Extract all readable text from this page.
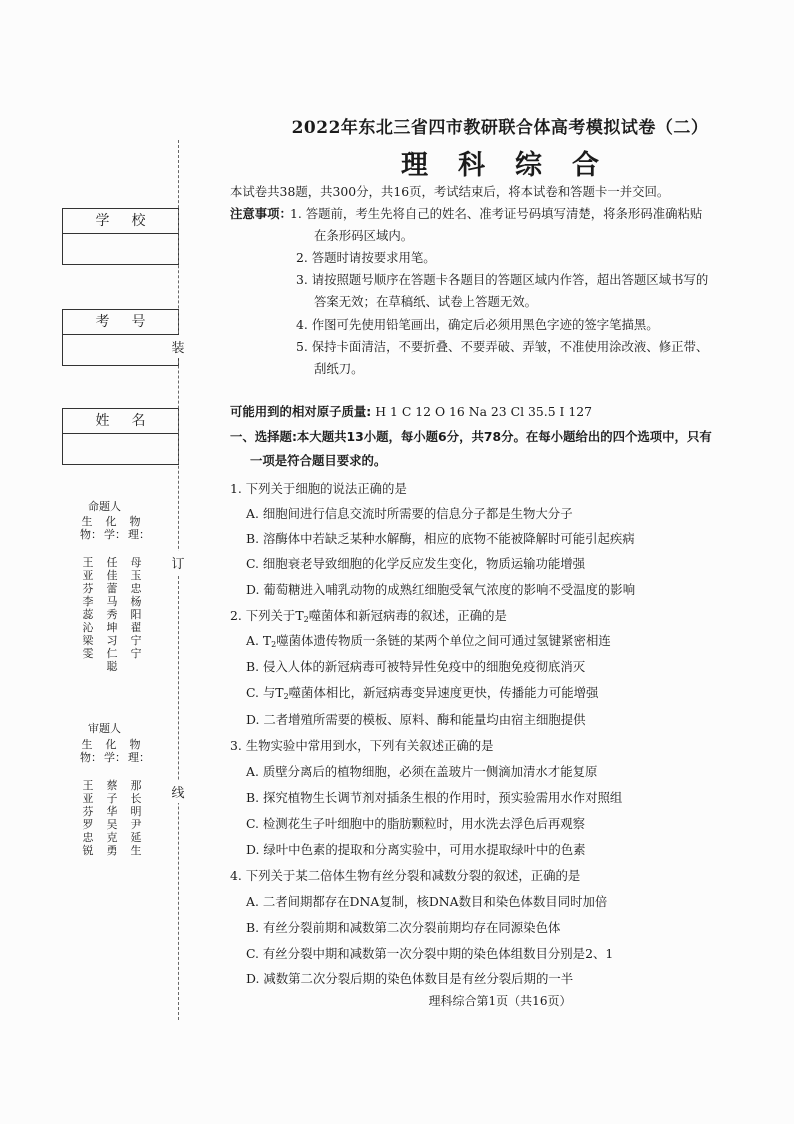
2022年东北三省四市教研联合体高考模拟试卷（二）
理科综合
本试卷共38题，共300分，共16页，考试结束后，将本试卷和答题卡一并交回。
注意事项：
1. 答题前，考生先将自己的姓名、准考证号码填写清楚，将条形码准确粘贴
在条形码区域内。
2. 答题时请按要求用笔。
3. 请按照题号顺序在答题卡各题目的答题区域内作答，超出答题区域书写的
答案无效；在草稿纸、试卷上答题无效。
4. 作图可先使用铅笔画出，确定后必须用黑色字迹的签字笔描黑。
5. 保持卡面清洁，不要折叠、不要弄破、弄皱，不准使用涂改液、修正带、
刮纸刀。
可能用到的相对原子质量: H 1 C 12 O 16 Na 23 Cl 35.5 I 127
一、选择题:本大题共13小题，每小题6分，共78分。在每小题给出的四个选项中，只有
一项是符合题目要求的。
1. 下列关于细胞的说法正确的是
A. 细胞间进行信息交流时所需要的信息分子都是生物大分子
B. 溶酶体中若缺乏某种水解酶，相应的底物不能被降解时可能引起疾病
C. 细胞衰老导致细胞的化学反应发生变化，物质运输功能增强
D. 葡萄糖进入哺乳动物的成熟红细胞受氧气浓度的影响不受温度的影响
2. 下列关于$T_2$噬菌体和新冠病毒的叙述，正确的是
A. $T_2$噬菌体遗传物质一条链的某两个单位之间可通过氢键紧密相连
B. 侵入人体的新冠病毒可被特异性免疫中的细胞免疫彻底消灭
C. 与$T_2$噬菌体相比，新冠病毒变异速度更快，传播能力可能增强
D. 二者增殖所需要的模板、原料、酶和能量均由宿主细胞提供
3. 生物实验中常用到水，下列有关叙述正确的是
A. 质壁分离后的植物细胞，必须在盖玻片一侧滴加清水才能复原
B. 探究植物生长调节剂对插条生根的作用时，预实验需用水作对照组
C. 检测花生子叶细胞中的脂肪颗粒时，用水洗去浮色后再观察
D. 绿叶中色素的提取和分离实验中，可用水提取绿叶中的色素
4. 下列关于某二倍体生物有丝分裂和减数分裂的叙述，正确的是
A. 二者间期都存在DNA复制，核DNA数目和染色体数目同时加倍
B. 有丝分裂前期和减数第二次分裂前期均存在同源染色体
C. 有丝分裂中期和减数第一次分裂中期的染色体组数目分别是2、1
D. 减数第二次分裂后期的染色体数目是有丝分裂后期的一半
理科综合第1页（共16页）
学校
考号
姓名
装
订
线
命题人
生物：
王亚芬 李蕊沁 梁 雯
化学：
任佳蕾 马秀坤 习仁聪
物理：
母玉忠 杨 阳 翟宁宁
审题人
生物：
王亚芬 罗忠锐
化学：
蔡子华 吴克勇
物理：
那长明 尹延生
